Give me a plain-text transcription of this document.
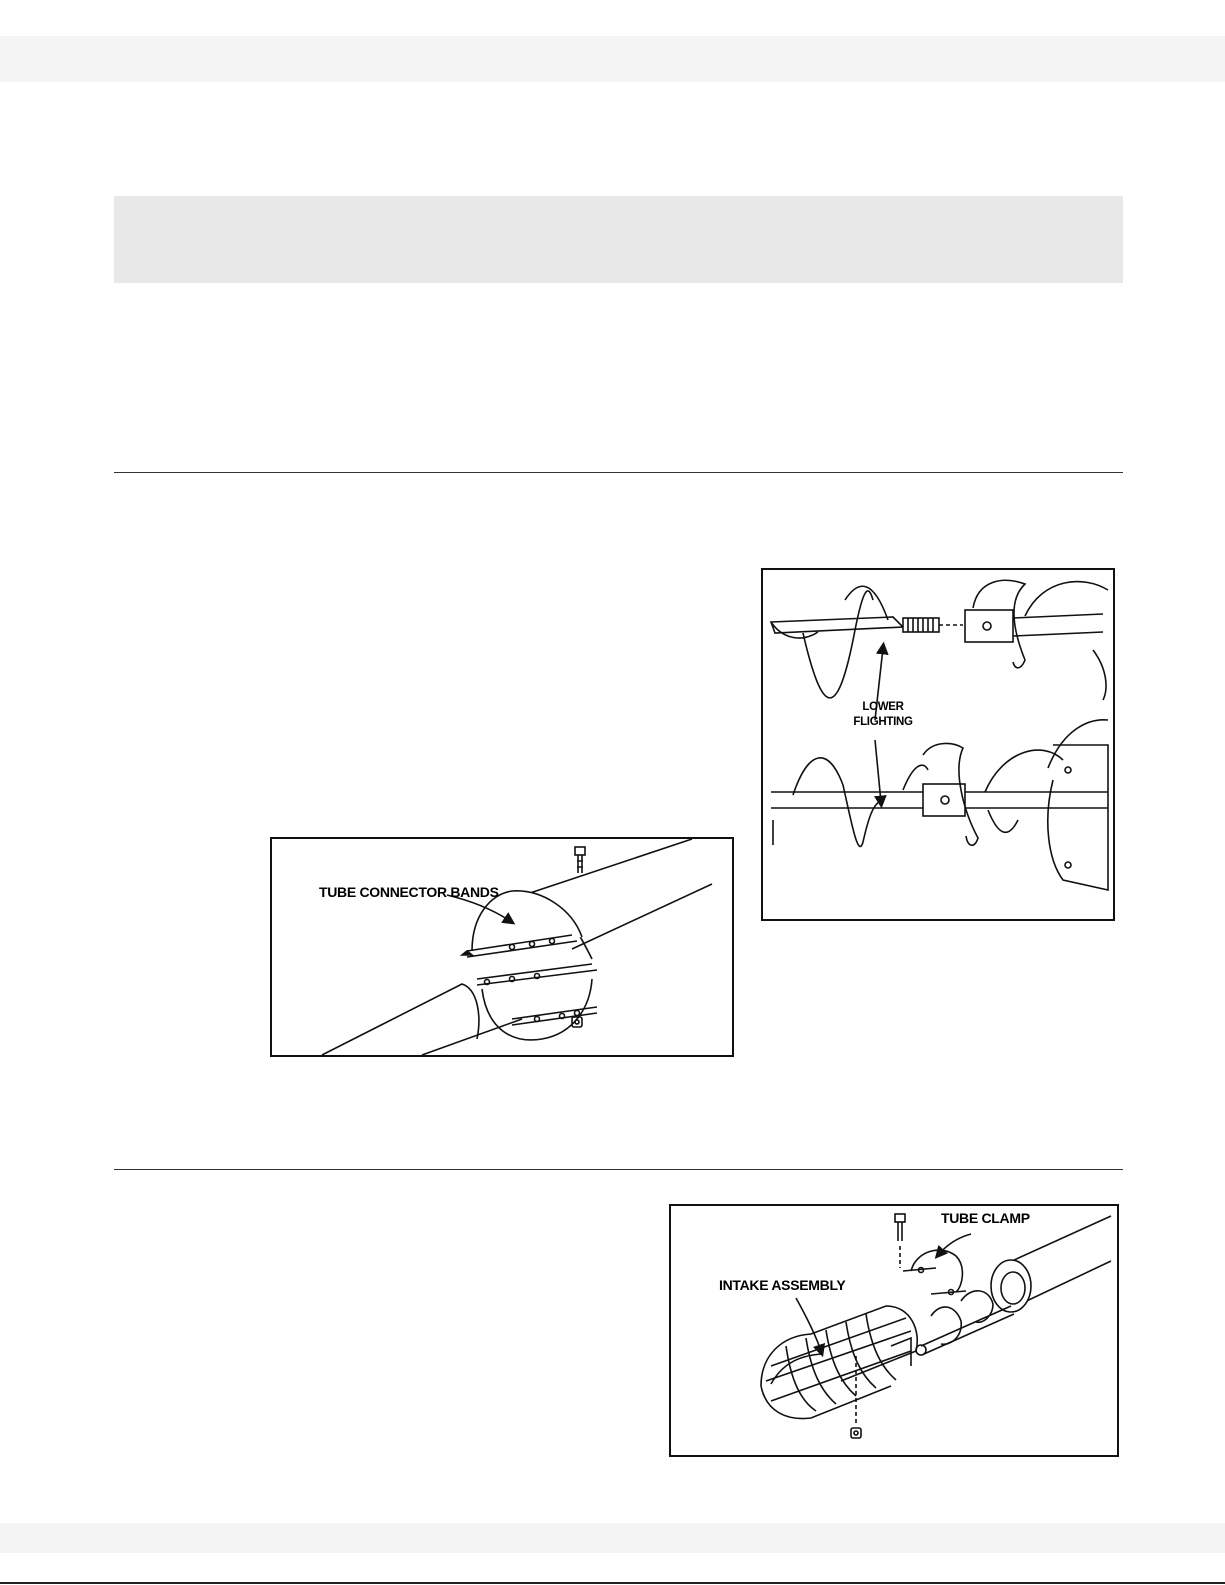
LOWER
FLIGHTING
TUBE CONNECTOR BANDS
TUBE CLAMP
INTAKE ASSEMBLY
